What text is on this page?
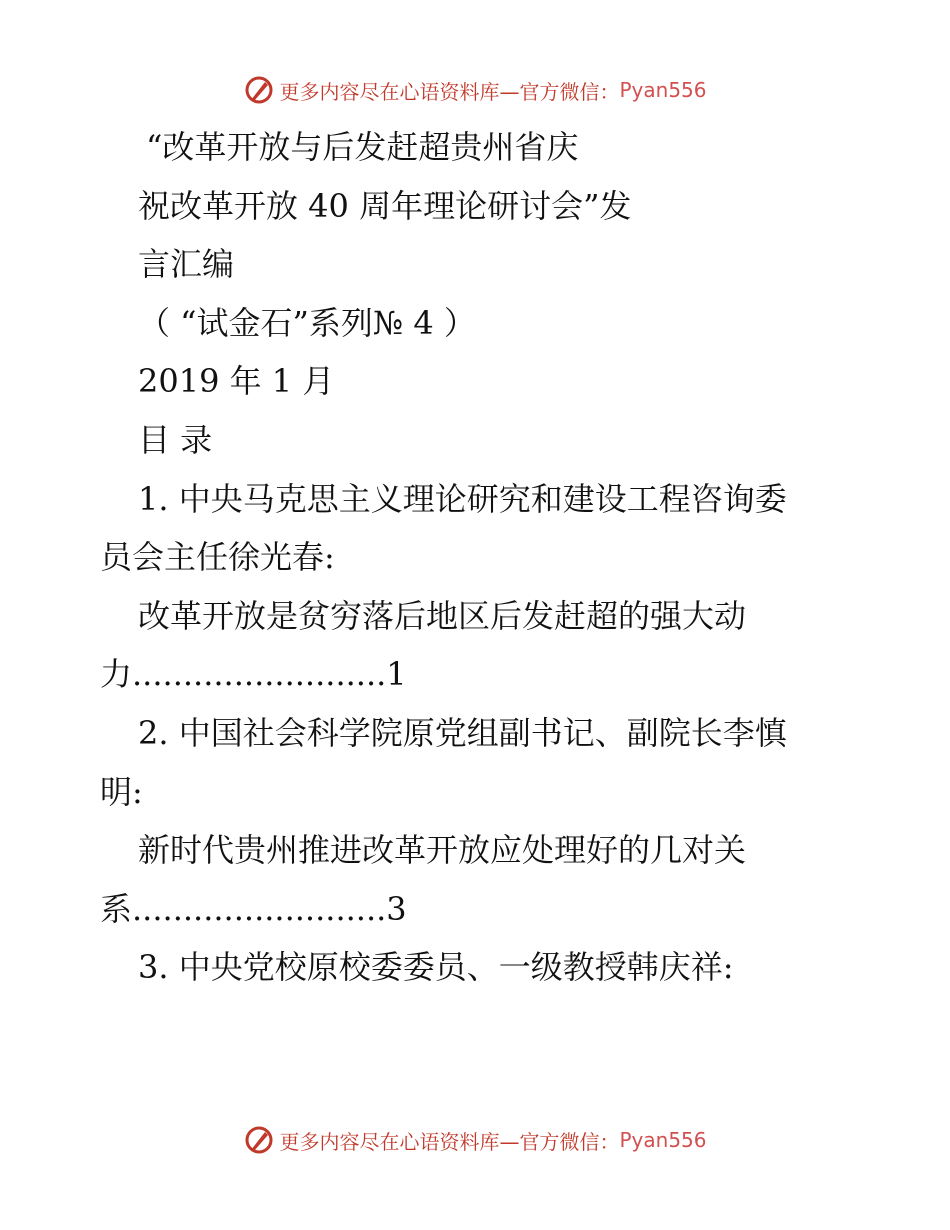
更多内容尽在心语资料库—官方微信： Pyan556
“改革开放与后发赶超贵州省庆
祝改革开放 40 周年理论研讨会”发
言汇编
（ “试金石”系列№ 4 ）
2019 年 1 月
目 录
1. 中央马克思主义理论研究和建设工程咨询委
员会主任徐光春:
改革开放是贫穷落后地区后发赶超的强大动
力.........................1
2. 中国社会科学院原党组副书记、副院长李慎
明:
新时代贵州推进改革开放应处理好的几对关
系.........................3
3. 中央党校原校委委员、一级教授韩庆祥:
更多内容尽在心语资料库—官方微信： Pyan556
